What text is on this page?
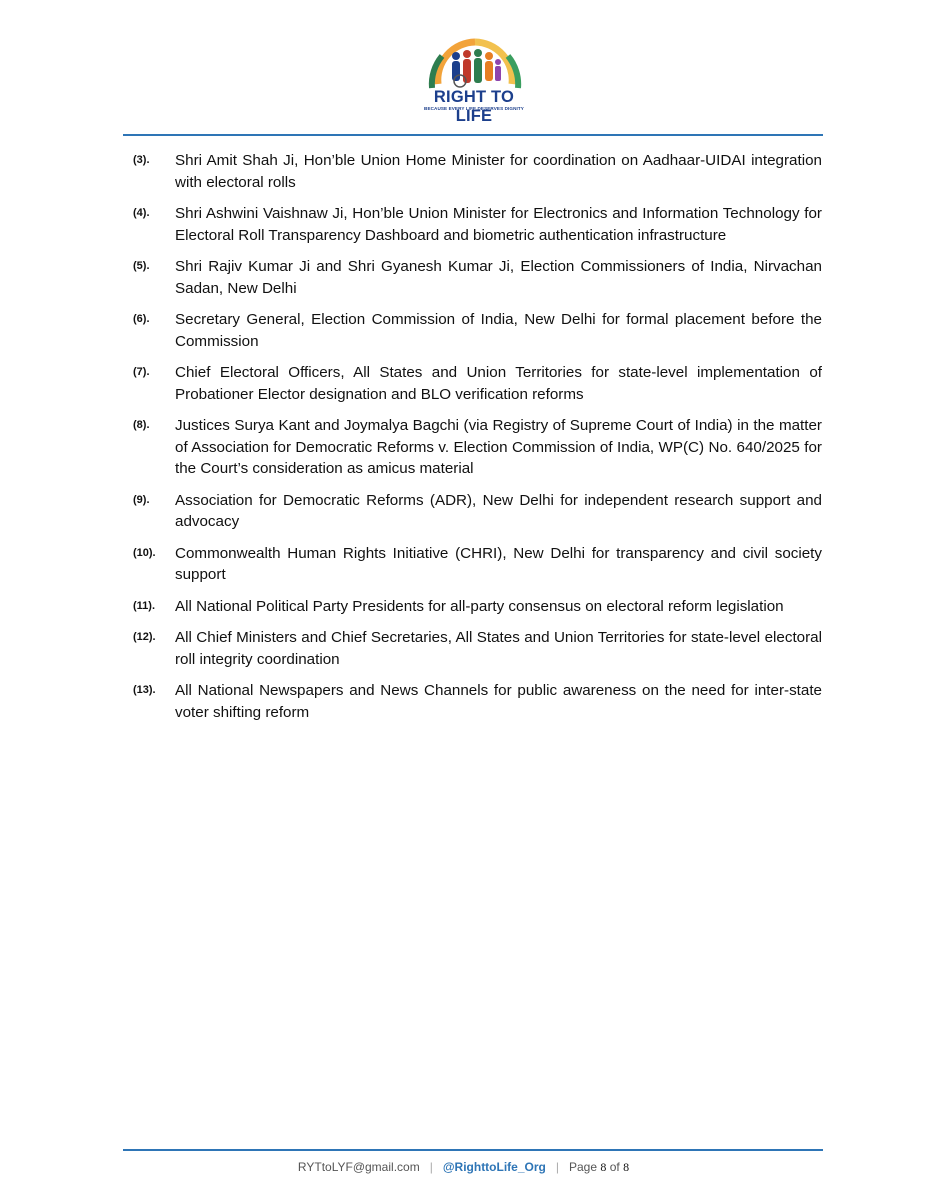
RIGHT TO LIFE
BECAUSE EVERY LIFE DESERVES DIGNITY
(3).	Shri Amit Shah Ji, Hon’ble Union Home Minister for coordination on Aadhaar-UIDAI integration with electoral rolls
(4).	Shri Ashwini Vaishnaw Ji, Hon’ble Union Minister for Electronics and Information Technology for Electoral Roll Transparency Dashboard and biometric authentication infrastructure
(5).	Shri Rajiv Kumar Ji and Shri Gyanesh Kumar Ji, Election Commissioners of India, Nirvachan Sadan, New Delhi
(6).	Secretary General, Election Commission of India, New Delhi for formal placement before the Commission
(7).	Chief Electoral Officers, All States and Union Territories for state-level implementation of Probationer Elector designation and BLO verification reforms
(8).	Justices Surya Kant and Joymalya Bagchi (via Registry of Supreme Court of India) in the matter of Association for Democratic Reforms v. Election Commission of India, WP(C) No. 640/2025 for the Court’s consideration as amicus material
(9).	Association for Democratic Reforms (ADR), New Delhi for independent research support and advocacy
(10).	Commonwealth Human Rights Initiative (CHRI), New Delhi for transparency and civil society support
(11).	All National Political Party Presidents for all-party consensus on electoral reform legislation
(12).	All Chief Ministers and Chief Secretaries, All States and Union Territories for state-level electoral roll integrity coordination
(13).	All National Newspapers and News Channels for public awareness on the need for inter-state voter shifting reform
RYTtoLYF@gmail.com | @RighttoLife_Org | Page 8 of 8
